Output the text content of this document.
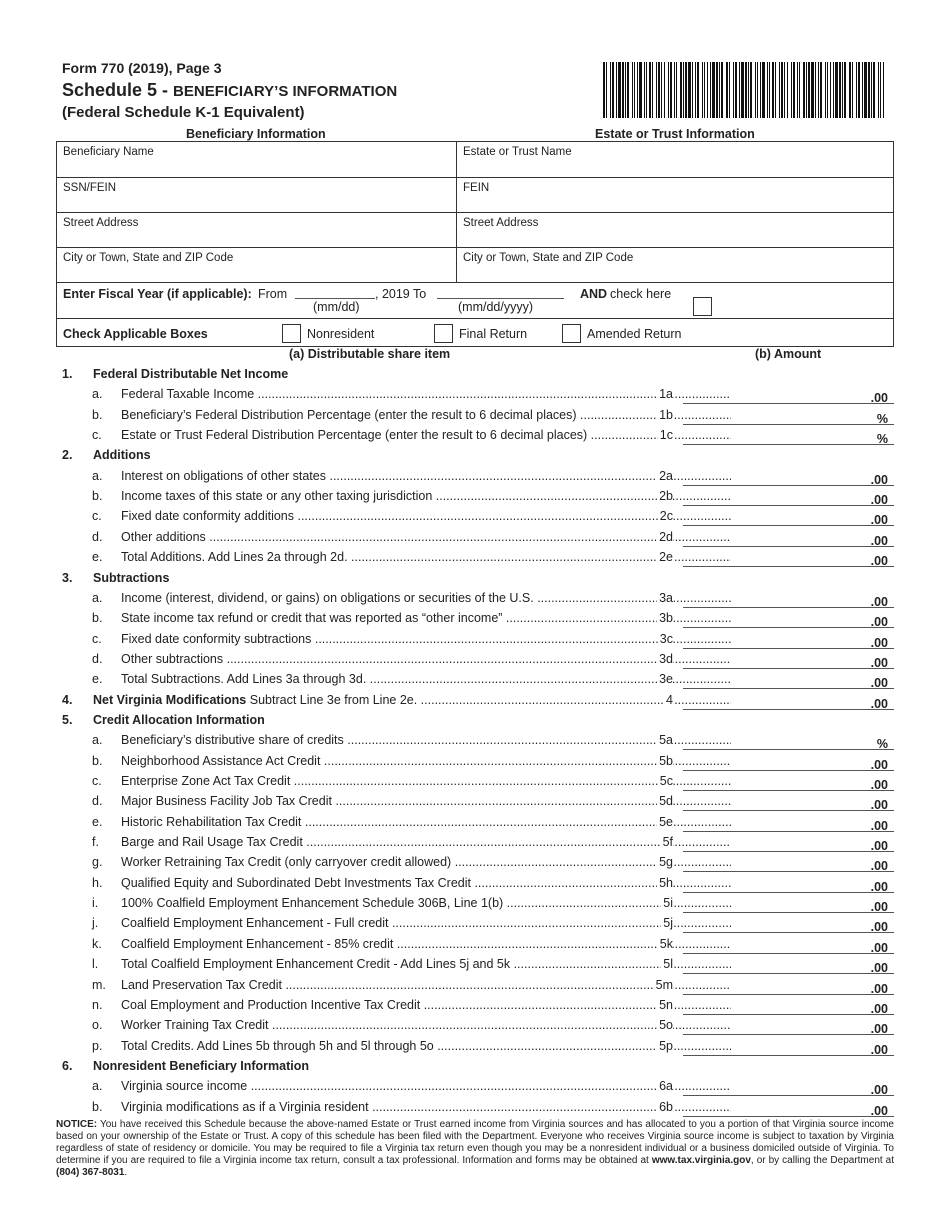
Form 770 (2019), Page 3
Schedule 5 - BENEFICIARY’S INFORMATION
(Federal Schedule K-1 Equivalent)
Beneficiary Information	Estate or Trust Information
Beneficiary Name	Estate or Trust Name
SSN/FEIN	FEIN
Street Address	Street Address
City or Town, State and ZIP Code	City or Town, State and ZIP Code
Enter Fiscal Year (if applicable): From	, 2019 To
(mm/dd)	(mm/dd/yyyy)
AND check here
Check Applicable Boxes	Nonresident	Final Return	Amended Return
(a) Distributable share item	(b) Amount
1. Federal Distributable Net Income
a. Federal Taxable Income .....	1a	.00
b. Beneficiary’s Federal Distribution Percentage (enter the result to 6 decimal places) .....	1b	%
c. Estate or Trust Federal Distribution Percentage (enter the result to 6 decimal places) .....	1c	%
2. Additions
a. Interest on obligations of other states .....	2a	.00
b. Income taxes of this state or any other taxing jurisdiction .....	2b	.00
c. Fixed date conformity additions .....	2c	.00
d. Other additions .....	2d	.00
e. Total Additions. Add Lines 2a through 2d. .....	2e	.00
3. Subtractions
a. Income (interest, dividend, or gains) on obligations or securities of the U.S. .....	3a	.00
b. State income tax refund or credit that was reported as “other income” .....	3b	.00
c. Fixed date conformity subtractions .....	3c	.00
d. Other subtractions .....	3d	.00
e. Total Subtractions. Add Lines 3a through 3d. .....	3e	.00
4. Net Virginia Modifications Subtract Line 3e from Line 2e. .....	4	.00
5. Credit Allocation Information
a. Beneficiary’s distributive share of credits .....	5a	%
b. Neighborhood Assistance Act Credit .....	5b	.00
c. Enterprise Zone Act Tax Credit .....	5c	.00
d. Major Business Facility Job Tax Credit .....	5d	.00
e. Historic Rehabilitation Tax Credit .....	5e	.00
f. Barge and Rail Usage Tax Credit .....	5f	.00
g. Worker Retraining Tax Credit (only carryover credit allowed) .....	5g	.00
h. Qualified Equity and Subordinated Debt Investments Tax Credit .....	5h	.00
i. 100% Coalfield Employment Enhancement Schedule 306B, Line 1(b) .....	5i	.00
j. Coalfield Employment Enhancement - Full credit .....	5j	.00
k. Coalfield Employment Enhancement - 85% credit .....	5k	.00
l. Total Coalfield Employment Enhancement Credit - Add Lines 5j and 5k .....	5l	.00
m. Land Preservation Tax Credit .....	5m	.00
n. Coal Employment and Production Incentive Tax Credit .....	5n	.00
o. Worker Training Tax Credit .....	5o	.00
p. Total Credits. Add Lines 5b through 5h and 5l through 5o .....	5p	.00
6. Nonresident Beneficiary Information
a. Virginia source income .....	6a	.00
b. Virginia modifications as if a Virginia resident .....	6b	.00
NOTICE: You have received this Schedule because the above-named Estate or Trust earned income from Virginia sources and has allocated to you a portion of that Virginia source income based on your ownership of the Estate or Trust. A copy of this schedule has been filed with the Department. Everyone who receives Virginia source income is subject to taxation by Virginia regardless of state of residency or domicile. You may be required to file a Virginia tax return even though you may be a nonresident individual or a business domiciled outside of Virginia. To determine if you are required to file a Virginia income tax return, consult a tax professional. Information and forms may be obtained at www.tax.virginia.gov, or by calling the Department at (804) 367-8031.
